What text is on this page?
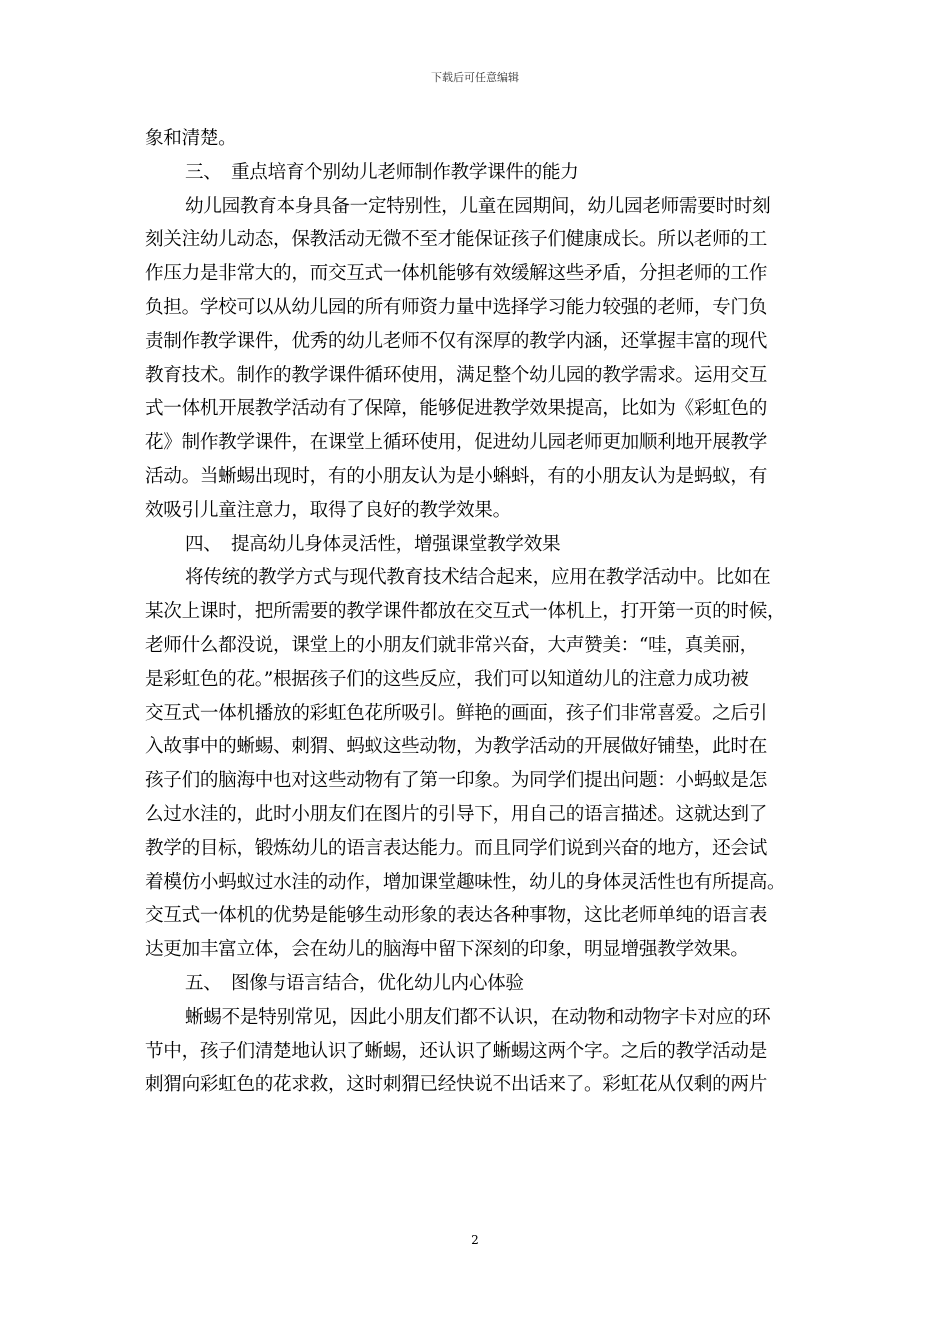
下载后可任意编辑
象和清楚。
三、 重点培育个别幼儿老师制作教学课件的能力
幼儿园教育本身具备一定特别性，儿童在园期间，幼儿园老师需要时时刻
刻关注幼儿动态，保教活动无微不至才能保证孩子们健康成长。所以老师的工
作压力是非常大的，而交互式一体机能够有效缓解这些矛盾，分担老师的工作
负担。学校可以从幼儿园的所有师资力量中选择学习能力较强的老师，专门负
责制作教学课件，优秀的幼儿老师不仅有深厚的教学内涵，还掌握丰富的现代
教育技术。制作的教学课件循环使用，满足整个幼儿园的教学需求。运用交互
式一体机开展教学活动有了保障，能够促进教学效果提高，比如为《彩虹色的
花》制作教学课件，在课堂上循环使用，促进幼儿园老师更加顺利地开展教学
活动。当蜥蜴出现时，有的小朋友认为是小蝌蚪，有的小朋友认为是蚂蚁，有
效吸引儿童注意力，取得了良好的教学效果。
四、 提高幼儿身体灵活性，增强课堂教学效果
将传统的教学方式与现代教育技术结合起来，应用在教学活动中。比如在
某次上课时，把所需要的教学课件都放在交互式一体机上，打开第一页的时候，
老师什么都没说，课堂上的小朋友们就非常兴奋，大声赞美：“哇，真美丽，
是彩虹色的花。”根据孩子们的这些反应，我们可以知道幼儿的注意力成功被
交互式一体机播放的彩虹色花所吸引。鲜艳的画面，孩子们非常喜爱。之后引
入故事中的蜥蜴、刺猬、蚂蚁这些动物，为教学活动的开展做好铺垫，此时在
孩子们的脑海中也对这些动物有了第一印象。为同学们提出问题：小蚂蚁是怎
么过水洼的，此时小朋友们在图片的引导下，用自己的语言描述。这就达到了
教学的目标，锻炼幼儿的语言表达能力。而且同学们说到兴奋的地方，还会试
着模仿小蚂蚁过水洼的动作，增加课堂趣味性，幼儿的身体灵活性也有所提高。
交互式一体机的优势是能够生动形象的表达各种事物，这比老师单纯的语言表
达更加丰富立体，会在幼儿的脑海中留下深刻的印象，明显增强教学效果。
五、 图像与语言结合，优化幼儿内心体验
蜥蜴不是特别常见，因此小朋友们都不认识，在动物和动物字卡对应的环
节中，孩子们清楚地认识了蜥蜴，还认识了蜥蜴这两个字。之后的教学活动是
刺猬向彩虹色的花求救，这时刺猬已经快说不出话来了。彩虹花从仅剩的两片
2
